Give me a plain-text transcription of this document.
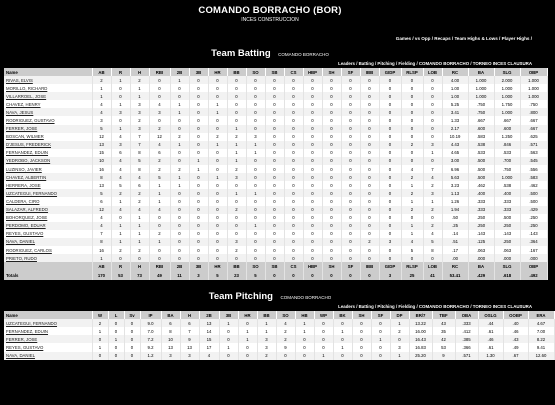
COMANDO BORRACHO (BOR)
INCES CONSTRUCCION
Games / vs Opp / Recaps / Team Highs & Lows / Player Highs /
Team Batting COMANDO BORRACHO
Leaders / Batting / Pitching / Fielding / COMANDO BORRACHO / TORNEO INCES CLAUSURA
Name	AB	R	H	RBI	2B	3B	HR	BB	SO	SB	CS	HBP	SH	SF	IBB	GIDP	RLSP	LOB	RC	BA	SLG	OBP
RIVAS, ELVIS	2	1	2	0	1	0	0	0	0	0	0	0	0	0	0	0	0	0	4.00	1.000	2.000	1.000
MORILLO, RICHARD	1	0	1	0	0	0	0	0	0	0	0	0	0	0	0	0	0	0	1.00	1.000	1.000	1.000
VILLARROEL, JOSE	1	0	1	0	0	0	0	0	0	0	0	0	0	0	0	0	0	0	1.00	1.000	1.000	1.000
CHAVEZ, HENRY	4	1	3	4	1	0	1	0	0	0	0	0	0	0	0	0	0	0	5.25	.750	1.750	.750
NAVA, JESUS	4	3	3	3	1	0	1	0	0	0	0	0	0	0	0	0	0	0	3.41	.750	1.000	.800
RODRIGUEZ, GUSTAVO	3	0	2	0	0	0	0	0	0	0	0	0	0	0	0	0	0	0	1.33	.667	.667	.667
FERRER, JOSE	5	1	3	2	0	0	0	1	0	0	0	0	0	0	0	0	0	0	2.17	.600	.600	.667
BOSCAN, WILMER	12	4	7	12	2	0	2	2	3	0	0	0	0	0	0	0	0	0	10.19	.583	1.250	.625
D'JESUS, FREDERICK	13	3	7	4	1	0	1	1	1	0	0	0	0	0	0	0	2	3	4.43	.538	.846	.571
FERNANDEZ, EDUIN	15	6	8	6	0	0	0	1	1	0	0	0	0	0	0	0	0	1	4.65	.533	.533	.563
YEDROBO, JACKSON	10	4	5	2	0	1	0	1	0	0	0	0	0	0	0	0	0	0	3.00	.500	.700	.545
LUZINSO, JAVIER	16	4	8	2	2	1	0	2	0	0	0	0	0	0	0	0	4	7	6.96	.500	.750	.556
CHAVEZ, ALBERTIN	8	4	4	5	1	0	1	3	0	0	0	0	0	0	0	0	2	4	5.63	.500	1.000	.583
HERRERA, JOSE	13	5	6	1	1	0	0	0	0	0	0	0	0	0	0	0	1	2	3.23	.462	.538	.462
UZCATEGUI, FERNANDO	5	2	2	1	0	0	0	1	1	0	0	0	0	0	0	0	2	3	1.13	.400	.400	.500
CALDERA, CIRO	6	1	2	1	0	0	0	0	0	0	0	0	0	0	0	0	1	1	1.26	.333	.333	.500
SALAZAR, ALFREDO	12	4	4	4	0	0	0	2	0	0	0	0	0	0	0	0	2	2	1.94	.333	.333	.429
BOHORQUEZ, JOSE	4	0	1	0	0	0	0	0	0	0	0	0	0	0	0	0	0	0	.50	.250	.500	.250
PERDOMO, EDUAR	4	1	1	0	0	0	0	0	1	0	0	0	0	0	0	0	1	2	.25	.250	.250	.250
REYES, GUSTAVO	7	1	1	2	0	0	0	0	0	0	0	0	0	0	0	0	1	4	.14	.143	.143	.143
NAVA, DANIEL	8	1	1	1	0	0	0	3	0	0	0	0	0	0	2	3	4	5	.51	.125	.250	.364
RODRIGUEZ, CARLOS	16	2	2	0	0	0	0	2	0	0	0	0	0	0	0	0	5	8	.17	.063	.063	.167
PRIETO, RUDO	1	0	0	0	0	0	0	0	0	0	0	0	0	0	0	0	0	0	.00	.000	.000	.000
	AB	R	H	RBI	2B	3B	HR	BB	SO	SB	CS	HBP	SH	SF	IBB	GIDP	RLSP	LOB	RC	BA	SLG	OBP
Totals	170	53	73	49	11	3	5	23	5	0	0	0	0	0	0	3	25	41	53.41	.429	.618	.492
Team Pitching COMANDO BORRACHO
Leaders / Batting / Pitching / Fielding / COMANDO BORRACHO / TORNEO INCES CLAUSURA
Name	W	L	Sv	IP	BA	H	2B	3B	HR	BB	SO	HB	WP	BK	SH	SF	DP	BR/7	TBF	OBA	OSLG	OOBP	ERA
UZCATEGUI, FERNANDO	2	0	0	9.0	6	6	13	1	0	1	4	1	0	0	0	0	1	13.22	43	.333	.44	.40	4.67
FERNANDEZ, EDUIN	1	0	0	7.0	8	7	14	0	1	1	2	1	0	1	0	0	2	16.00	35	.412	.61	.46	7.00
FERRER, JOSE	0	1	0	7.2	10	9	15	0	1	3	2	0	0	0	0	1	0	16.43	42	.385	.46	.43	8.22
REYES, GUSTAVO	1	0	0	9.2	13	13	17	1	0	3	9	0	0	1	0	0	3	16.83	53	.366	.61	.49	9.41
NAVA, DANIEL	0	0	0	1.2	3	3	4	0	0	2	0	0	1	0	0	0	1	25.20	9	.571	1.30	.67	12.60
